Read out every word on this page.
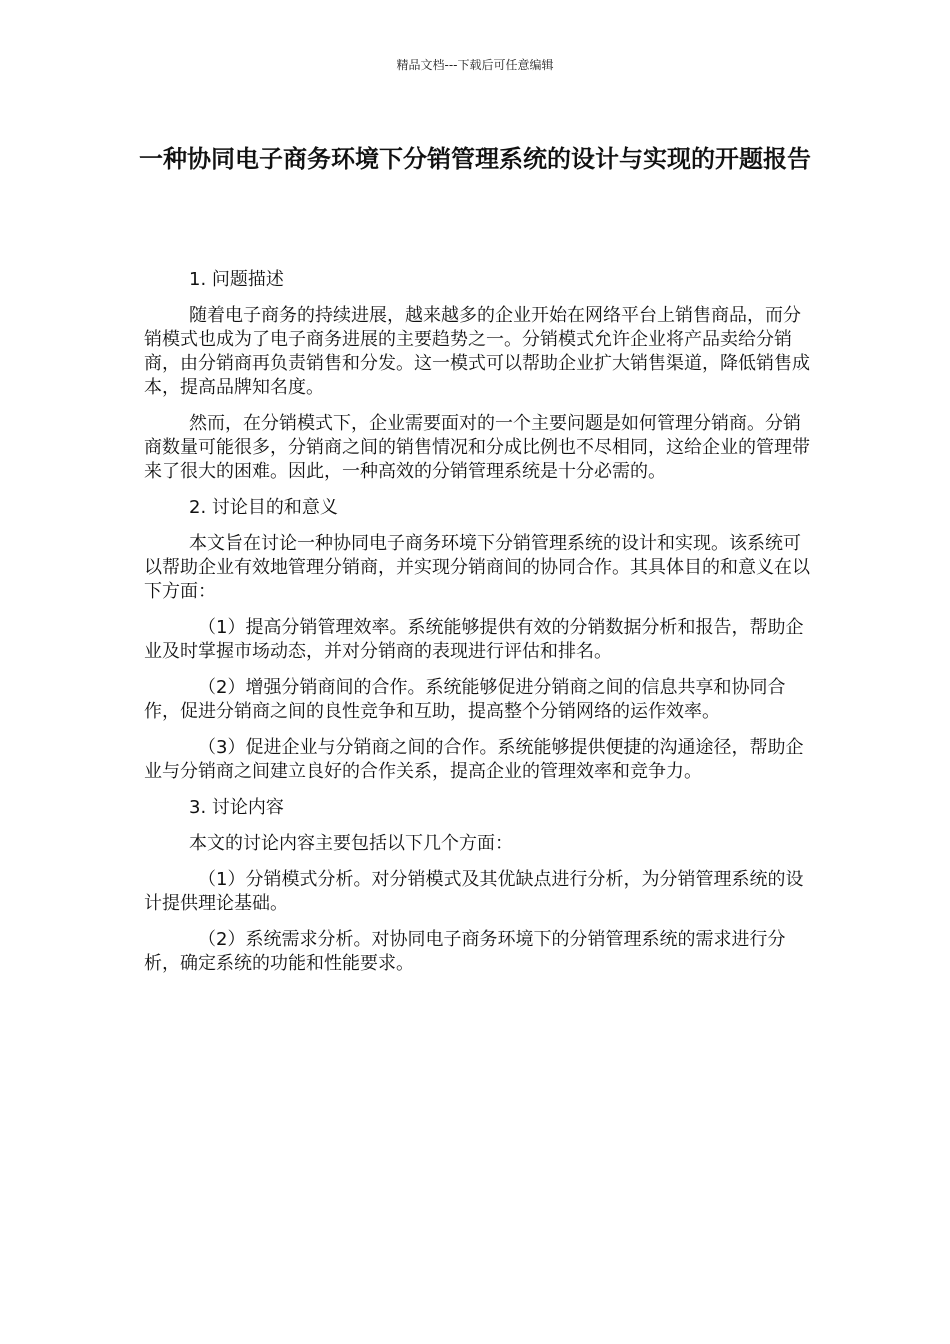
精品文档---下载后可任意编辑
一种协同电子商务环境下分销管理系统的设计与实现的开题报告

1. 问题描述

随着电子商务的持续进展，越来越多的企业开始在网络平台上销售商品，而分销模式也成为了电子商务进展的主要趋势之一。分销模式允许企业将产品卖给分销商，由分销商再负责销售和分发。这一模式可以帮助企业扩大销售渠道，降低销售成本，提高品牌知名度。

然而，在分销模式下，企业需要面对的一个主要问题是如何管理分销商。分销商数量可能很多，分销商之间的销售情况和分成比例也不尽相同，这给企业的管理带来了很大的困难。因此，一种高效的分销管理系统是十分必需的。

2. 讨论目的和意义

本文旨在讨论一种协同电子商务环境下分销管理系统的设计和实现。该系统可以帮助企业有效地管理分销商，并实现分销商间的协同合作。其具体目的和意义在以下方面：

（1）提高分销管理效率。系统能够提供有效的分销数据分析和报告，帮助企业及时掌握市场动态，并对分销商的表现进行评估和排名。

（2）增强分销商间的合作。系统能够促进分销商之间的信息共享和协同合作，促进分销商之间的良性竞争和互助，提高整个分销网络的运作效率。

（3）促进企业与分销商之间的合作。系统能够提供便捷的沟通途径，帮助企业与分销商之间建立良好的合作关系，提高企业的管理效率和竞争力。

3. 讨论内容

本文的讨论内容主要包括以下几个方面：

（1）分销模式分析。对分销模式及其优缺点进行分析，为分销管理系统的设计提供理论基础。

（2）系统需求分析。对协同电子商务环境下的分销管理系统的需求进行分析，确定系统的功能和性能要求。
